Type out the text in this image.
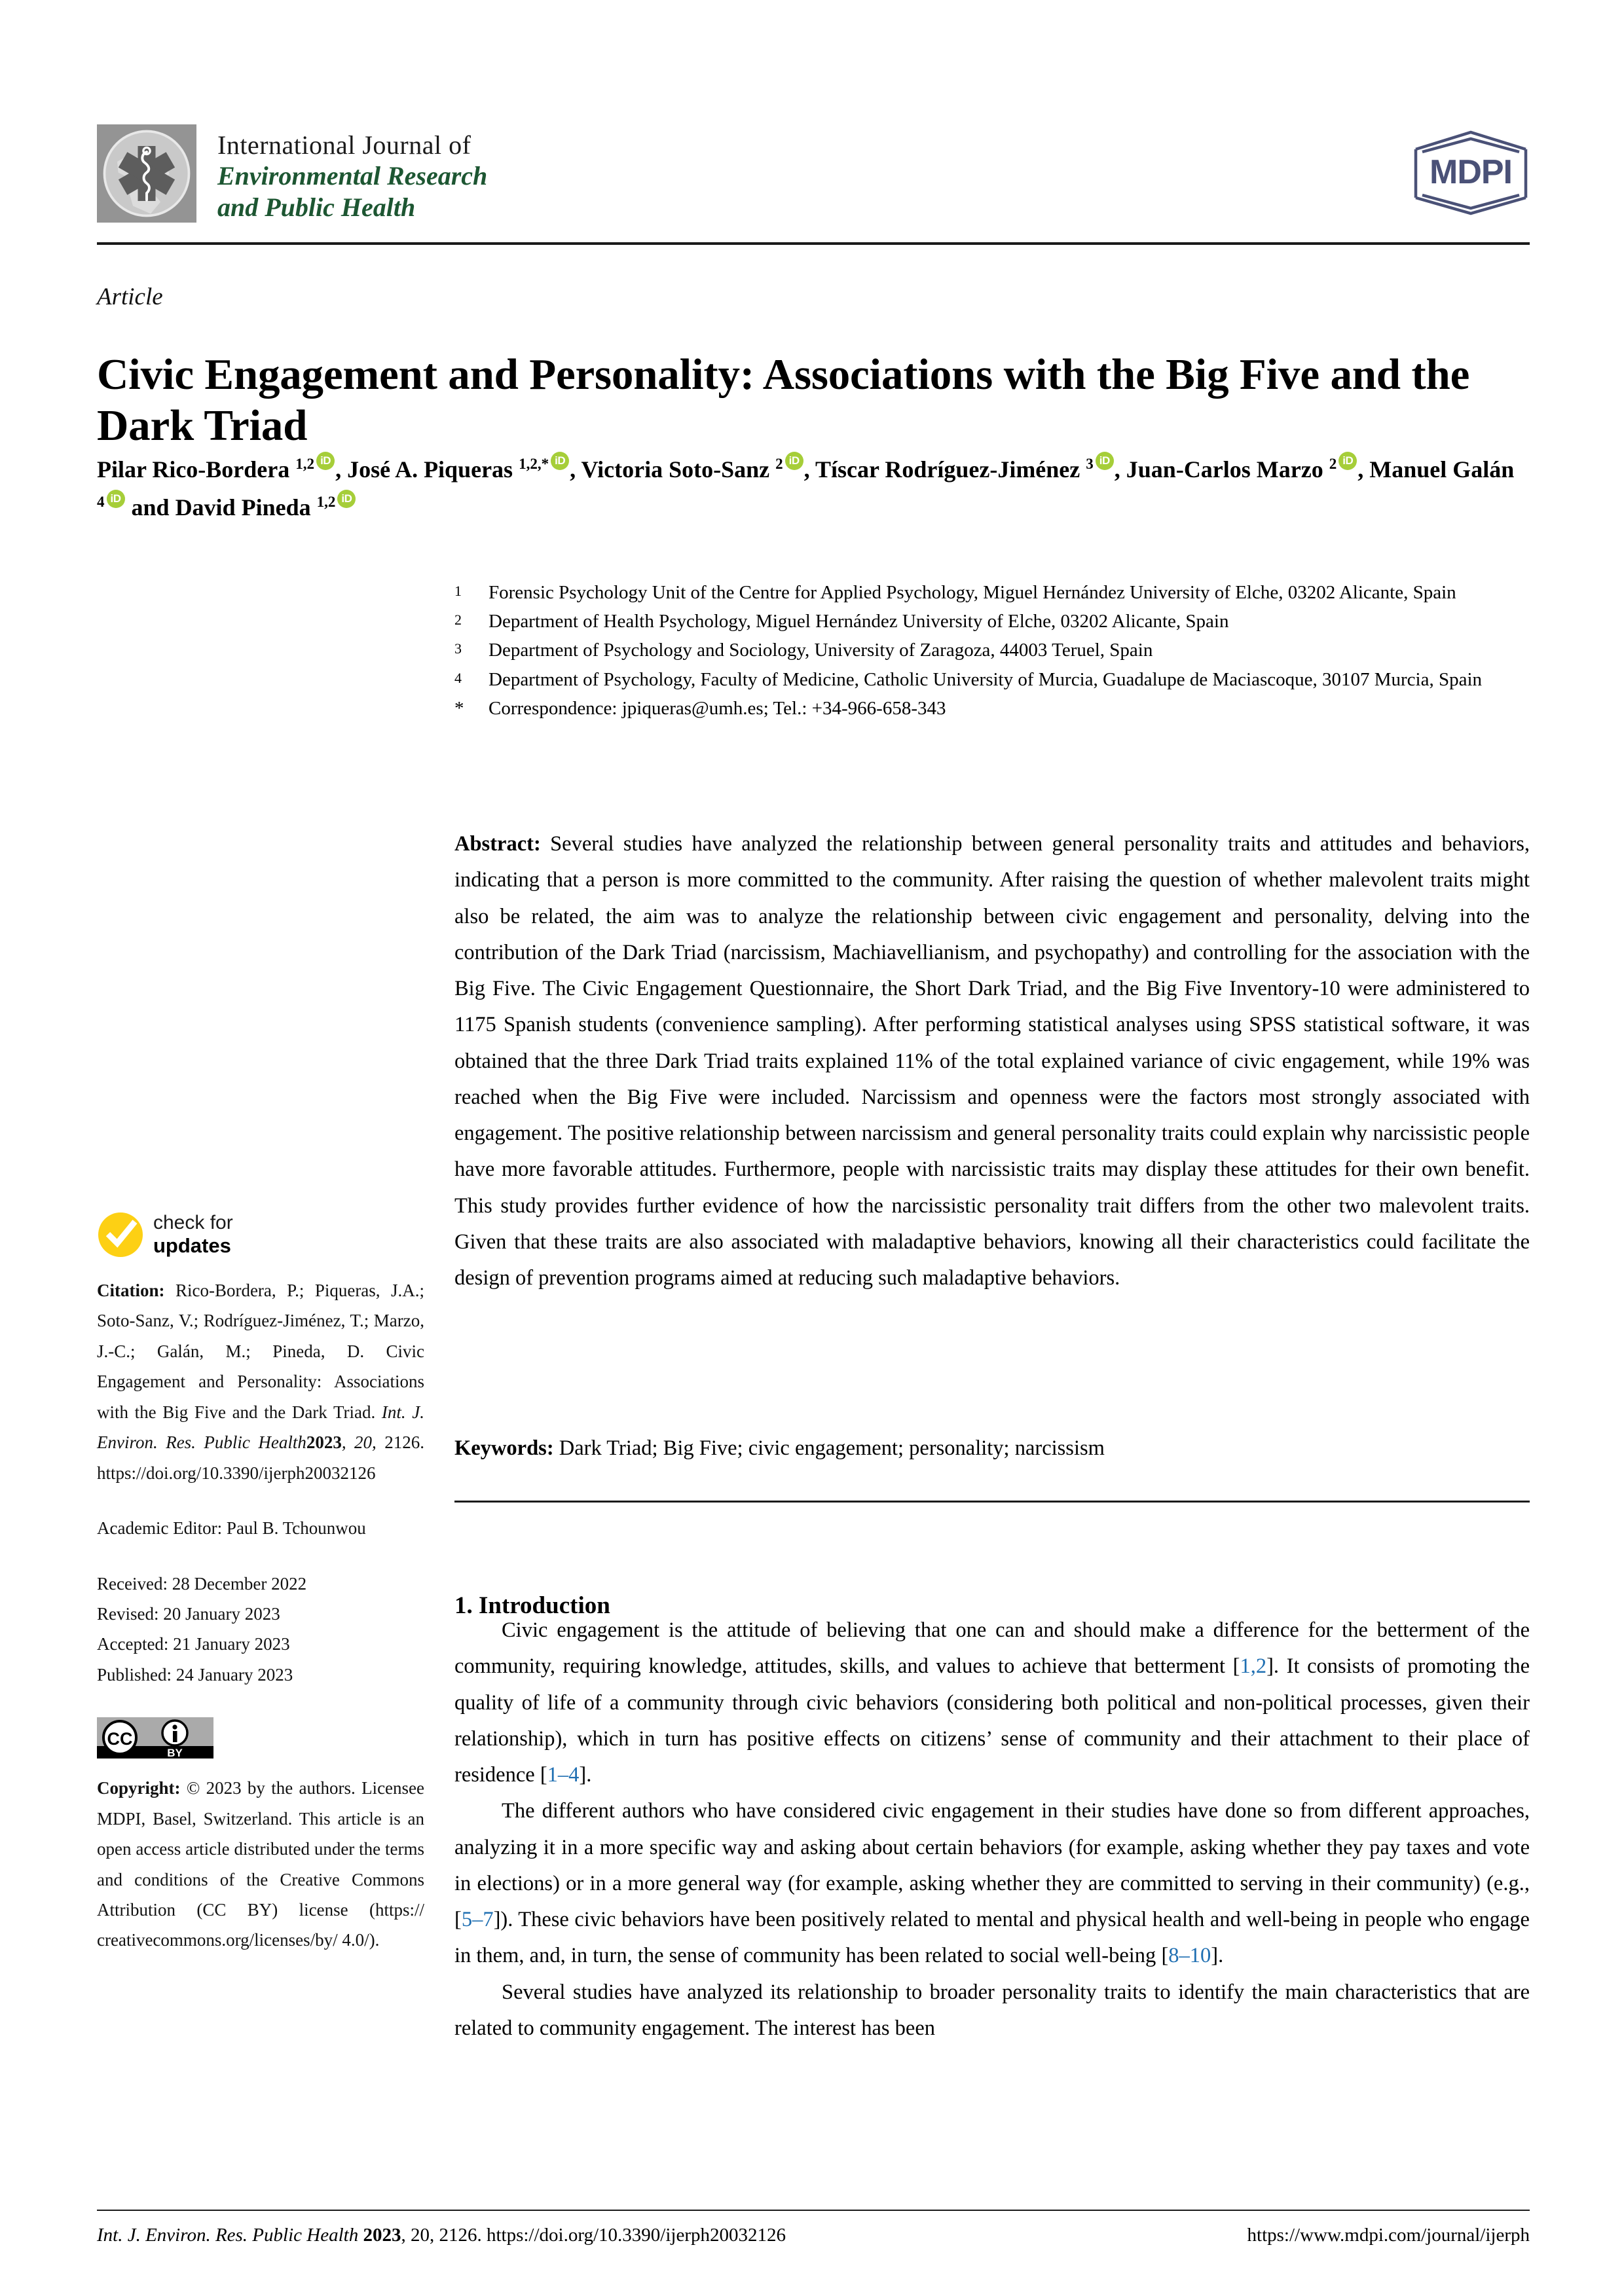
International Journal of
Environmental Research
and Public Health
MDPI
Article
Civic Engagement and Personality: Associations with the Big Five and the Dark Triad
Pilar Rico-Bordera $^{1,2}$ iD , José A. Piqueras $^{1,2,*}$ iD , Victoria Soto-Sanz $^2$ iD , Tíscar Rodríguez-Jiménez $^3$ iD , Juan-Carlos Marzo $^2$ iD , Manuel Galán $^4$iD and David Pineda $^{1,2}$iD
1	Forensic Psychology Unit of the Centre for Applied Psychology, Miguel Hernández University of Elche, 03202 Alicante, Spain
2	Department of Health Psychology, Miguel Hernández University of Elche, 03202 Alicante, Spain
3	Department of Psychology and Sociology, University of Zaragoza, 44003 Teruel, Spain
4	Department of Psychology, Faculty of Medicine, Catholic University of Murcia, Guadalupe de Maciascoque, 30107 Murcia, Spain
*	Correspondence: jpiqueras@umh.es; Tel.: +34-966-658-343
Abstract: Several studies have analyzed the relationship between general personality traits and attitudes and behaviors, indicating that a person is more committed to the community. After raising the question of whether malevolent traits might also be related, the aim was to analyze the relationship between civic engagement and personality, delving into the contribution of the Dark Triad (narcissism, Machiavellianism, and psychopathy) and controlling for the association with the Big Five. The Civic Engagement Questionnaire, the Short Dark Triad, and the Big Five Inventory-10 were administered to 1175 Spanish students (convenience sampling). After performing statistical analyses using SPSS statistical software, it was obtained that the three Dark Triad traits explained 11% of the total explained variance of civic engagement, while 19% was reached when the Big Five were included. Narcissism and openness were the factors most strongly associated with engagement. The positive relationship between narcissism and general personality traits could explain why narcissistic people have more favorable attitudes. Furthermore, people with narcissistic traits may display these attitudes for their own benefit. This study provides further evidence of how the narcissistic personality trait differs from the other two malevolent traits. Given that these traits are also associated with maladaptive behaviors, knowing all their characteristics could facilitate the design of prevention programs aimed at reducing such maladaptive behaviors.
Keywords: Dark Triad; Big Five; civic engagement; personality; narcissism
1. Introduction

Civic engagement is the attitude of believing that one can and should make a difference for the betterment of the community, requiring knowledge, attitudes, skills, and values to achieve that betterment [1,2]. It consists of promoting the quality of life of a community through civic behaviors (considering both political and non-political processes, given their relationship), which in turn has positive effects on citizens’ sense of community and their attachment to their place of residence [1–4].

The different authors who have considered civic engagement in their studies have done so from different approaches, analyzing it in a more specific way and asking about certain behaviors (for example, asking whether they pay taxes and vote in elections) or in a more general way (for example, asking whether they are committed to serving in their community) (e.g., [5–7]). These civic behaviors have been positively related to mental and physical health and well-being in people who engage in them, and, in turn, the sense of community has been related to social well-being [8–10].

Several studies have analyzed its relationship to broader personality traits to identify the main characteristics that are related to community engagement. The interest has been

check for
updates
Citation: Rico-Bordera, P.; Piqueras, J.A.; Soto-Sanz, V.; Rodríguez-Jiménez, T.; Marzo, J.-C.; Galán, M.; Pineda, D. Civic Engagement and Personality: Associations with the Big Five and the Dark Triad. Int. J. Environ. Res. Public Health2023, 20, 2126. https://doi.org/10.3390/ijerph20032126
Academic Editor: Paul B. Tchounwou
Received: 28 December 2022
Revised: 20 January 2023
Accepted: 21 January 2023
Published: 24 January 2023
CC
BY
Copyright: © 2023 by the authors. Licensee MDPI, Basel, Switzerland. This article is an open access article distributed under the terms and conditions of the Creative Commons Attribution (CC BY) license (https:// creativecommons.org/licenses/by/ 4.0/).
Int. J. Environ. Res. Public Health 2023, 20, 2126. https://doi.org/10.3390/ijerph20032126	https://www.mdpi.com/journal/ijerph
